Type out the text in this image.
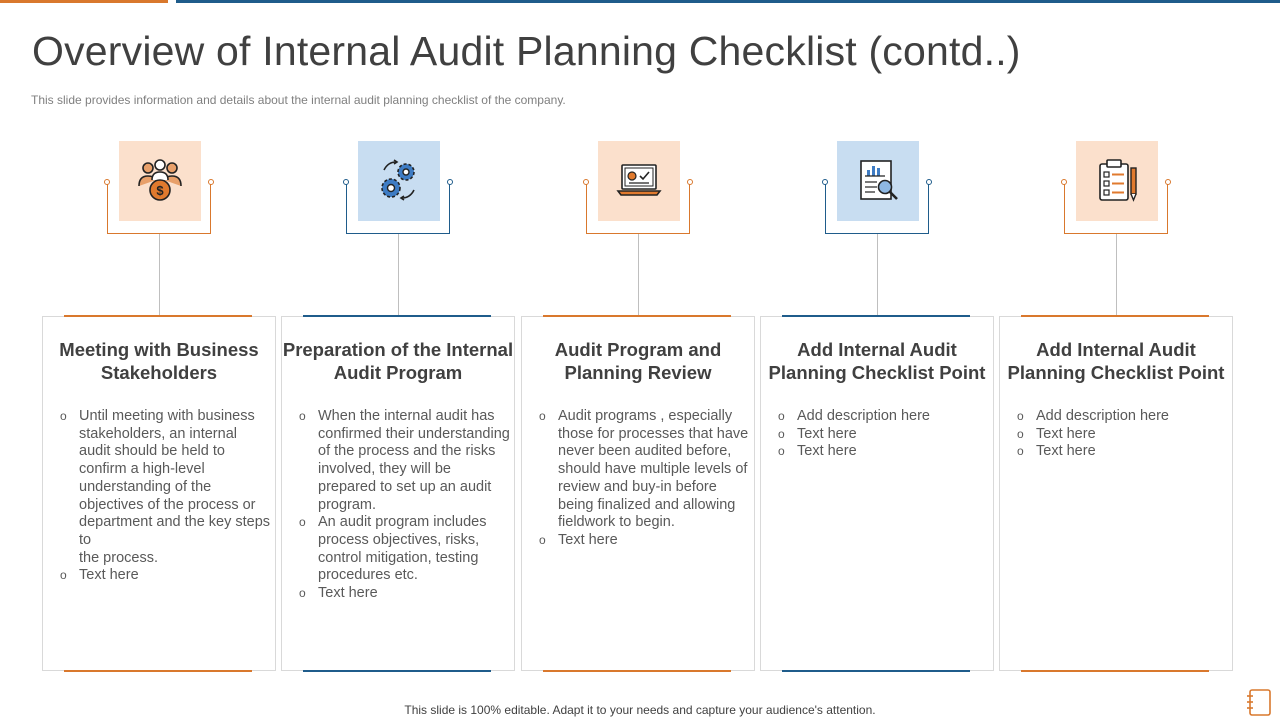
Overview of Internal Audit Planning Checklist (contd..)
This slide provides information and details about the internal audit planning checklist of the company.
$
Meeting with Business Stakeholders
o Until meeting with business stakeholders, an internal audit should be held to confirm a high-level understanding of the objectives of the process or department and the key steps to
the process.
o Text here
Preparation of the Internal Audit Program
o When the internal audit has confirmed their understanding of the process and the risks involved, they will be prepared to set up an audit program.
o An audit program includes process objectives, risks, control mitigation, testing procedures etc.
o Text here
Audit Program and Planning Review
o Audit programs , especially those for processes that have never been audited before, should have multiple levels of review and buy-in before being finalized and allowing fieldwork to begin.
o Text here
Add Internal Audit Planning Checklist Point
o Add description here
o Text here
o Text here
Add Internal Audit Planning Checklist Point
o Add description here
o Text here
o Text here
This slide is 100% editable. Adapt it to your needs and capture your audience's attention.
